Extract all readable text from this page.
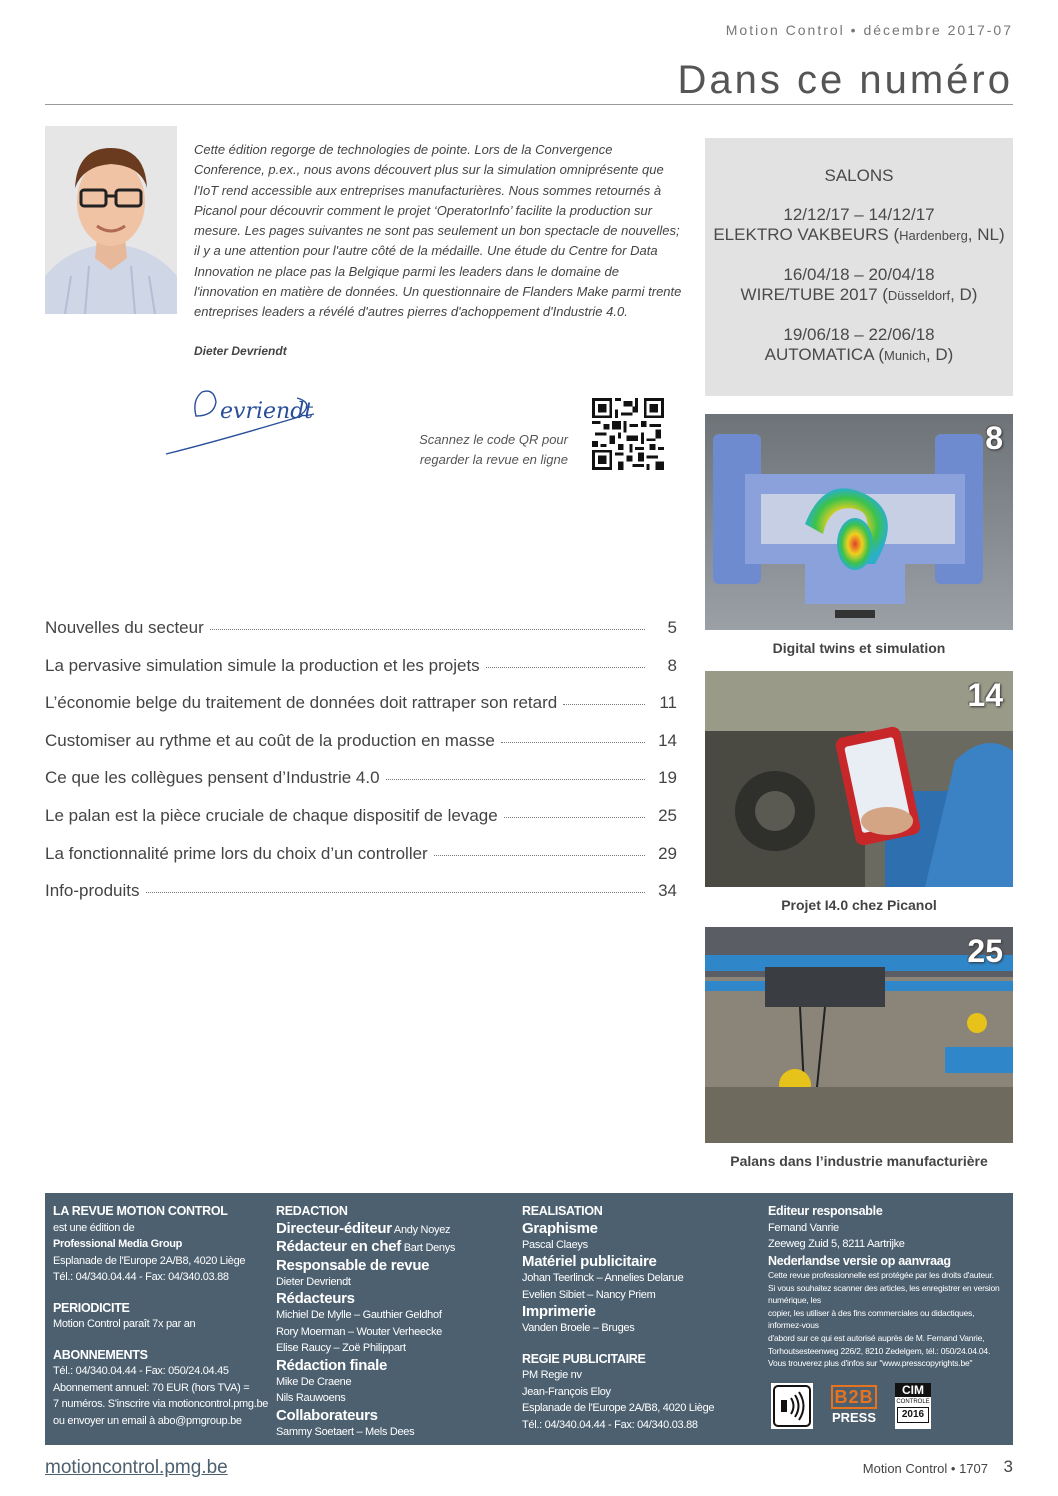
Motion Control • décembre 2017-07
Dans ce numéro

Cette édition regorge de technologies de pointe. Lors de la Convergence Conference, p.ex., nous avons découvert plus sur la simulation omniprésente que l'IoT rend accessible aux entreprises manufacturières. Nous sommes retournés à Picanol pour découvrir comment le projet ‘OperatorInfo’ facilite la production sur mesure. Les pages suivantes ne sont pas seulement un bon spectacle de nouvelles; il y a une attention pour l'autre côté de la médaille. Une étude du Centre for Data Innovation ne place pas la Belgique parmi les leaders dans le domaine de l'innovation en matière de données. Un questionnaire de Flanders Make parmi trente entreprises leaders a révélé d'autres pierres d'achoppement d'Industrie 4.0.

Dieter Devriendt
evriendt
Scannez le code QR pour
regarder la revue en ligne
SALONS
12/12/17 – 14/12/17
ELEKTRO VAKBEURS (Hardenberg, NL)
16/04/18 – 20/04/18
WIRE/TUBE 2017 (Düsseldorf, D)
19/06/18 – 22/06/18
AUTOMATICA (Munich, D)
8
Digital twins et simulation
14
Projet I4.0 chez Picanol
25
Palans dans l’industrie manufacturière
Nouvelles du secteur	5
La pervasive simulation simule la production et les projets	8
L’économie belge du traitement de données doit rattraper son retard	11
Customiser au rythme et au coût de la production en masse	14
Ce que les collègues pensent d’Industrie 4.0	19
Le palan est la pièce cruciale de chaque dispositif de levage	25
La fonctionnalité prime lors du choix d’un controller	29
Info-produits	34
LA REVUE MOTION CONTROL
est une édition de
Professional Media Group
Esplanade de l'Europe 2A/B8, 4020 Liège
Tél.: 04/340.04.44 - Fax: 04/340.03.88
PERIODICITE
Motion Control paraît 7x par an
ABONNEMENTS
Tél.: 04/340.04.44 - Fax: 050/24.04.45
Abonnement annuel: 70 EUR (hors TVA) =
7 numéros. S'inscrire via motioncontrol.pmg.be
ou envoyer un email à abo@pmgroup.be
REDACTION
Directeur-éditeur Andy Noyez
Rédacteur en chef Bart Denys
Responsable de revue
Dieter Devriendt
Rédacteurs
Michiel De Mylle – Gauthier Geldhof
Rory Moerman – Wouter Verheecke
Elise Raucy – Zoë Philippart
Rédaction finale
Mike De Craene
Nils Rauwoens
Collaborateurs
Sammy Soetaert – Mels Dees
REALISATION
Graphisme
Pascal Claeys
Matériel publicitaire
Johan Teerlinck – Annelies Delarue
Evelien Sibiet – Nancy Priem
Imprimerie
Vanden Broele – Bruges
REGIE PUBLICITAIRE
PM Regie nv
Jean-François Eloy
Esplanade de l'Europe 2A/B8, 4020 Liège
Tél.: 04/340.04.44 - Fax: 04/340.03.88
Editeur responsable
Fernand Vanrie
Zeeweg Zuid 5, 8211 Aartrijke
Nederlandse versie op aanvraag
Cette revue professionnelle est protégée par les droits d'auteur.
Si vous souhaitez scanner des articles, les enregistrer en version numérique, les
copier, les utiliser à des fins commerciales ou didactiques, informez-vous
d'abord sur ce qui est autorisé auprès de M. Fernand Vanrie,
Torhoutsesteenweg 226/2, 8210 Zedelgem, tél.: 050/24.04.04.
Vous trouverez plus d'infos sur "www.presscopyrights.be"
B2B
PRESS
CIM
CONTROLE
2016
motioncontrol.pmg.be	Motion Control • 1707 3
